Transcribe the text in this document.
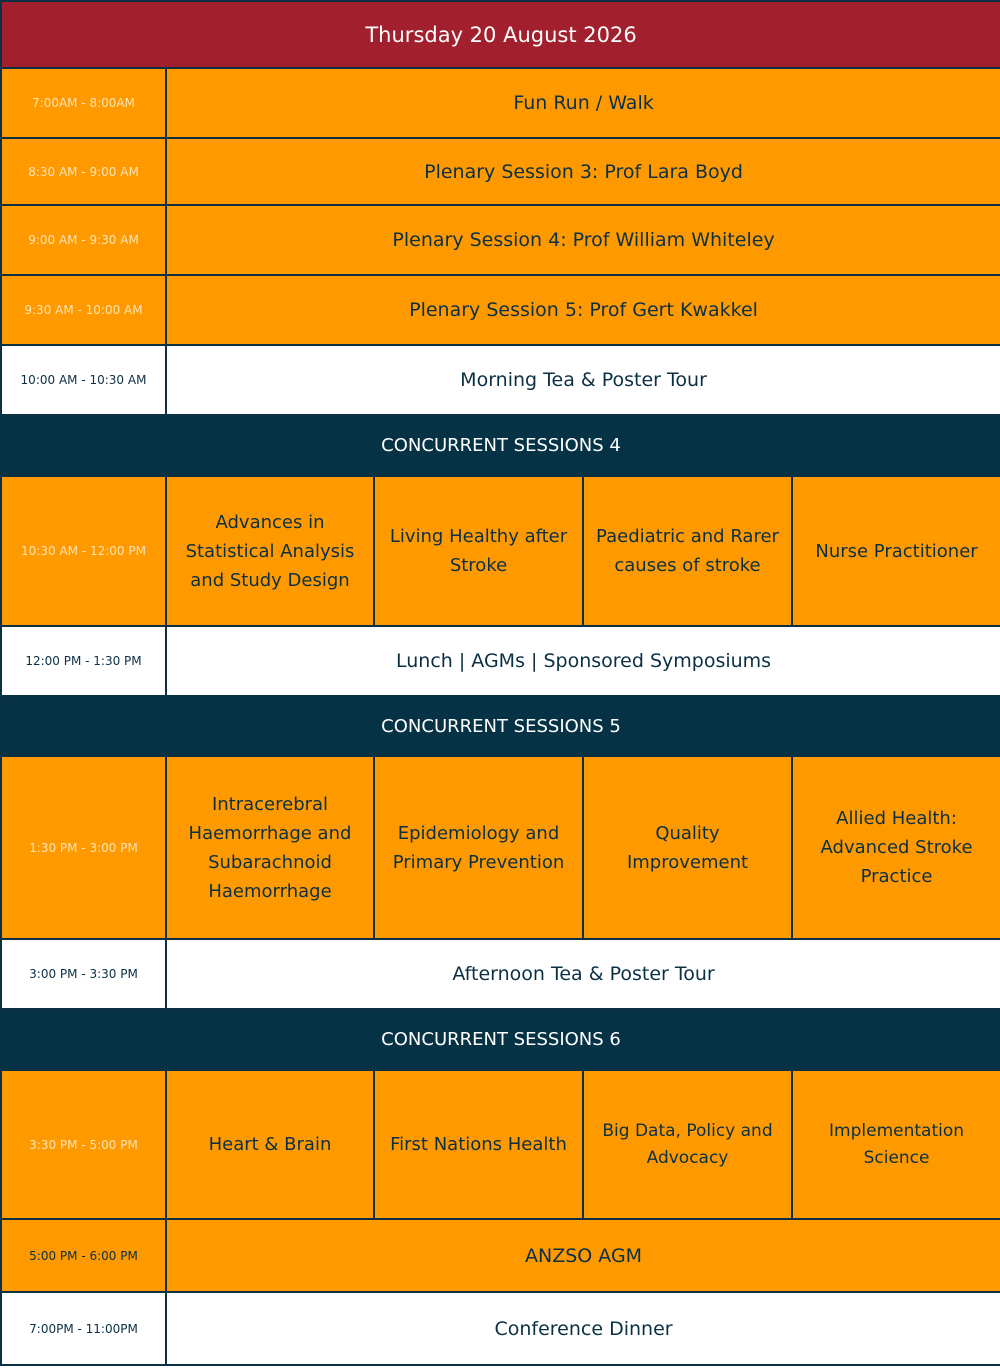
Thursday 20 August 2026				
7:00AM - 8:00AM	Fun Run / Walk			
8:30 AM - 9:00 AM	Plenary Session 3: Prof Lara Boyd			
9:00 AM - 9:30 AM	Plenary Session 4: Prof William Whiteley			
9:30 AM - 10:00 AM	Plenary Session 5: Prof Gert Kwakkel			
10:00 AM - 10:30 AM	Morning Tea & Poster Tour			
CONCURRENT SESSIONS 4				
10:30 AM - 12:00 PM	Advances in Statistical Analysis and Study Design	Living Healthy after Stroke	Paediatric and Rarer causes of stroke	Nurse Practitioner
12:00 PM - 1:30 PM	Lunch | AGMs | Sponsored Symposiums			
CONCURRENT SESSIONS 5				
1:30 PM - 3:00 PM	Intracerebral Haemorrhage and Subarachnoid Haemorrhage	Epidemiology and Primary Prevention	Quality Improvement	Allied Health: Advanced Stroke Practice
3:00 PM - 3:30 PM	Afternoon Tea & Poster Tour			
CONCURRENT SESSIONS 6				
3:30 PM - 5:00 PM	Heart & Brain	First Nations Health	Big Data, Policy and Advocacy	Implementation Science
5:00 PM - 6:00 PM	ANZSO AGM			
7:00PM - 11:00PM	Conference Dinner			
